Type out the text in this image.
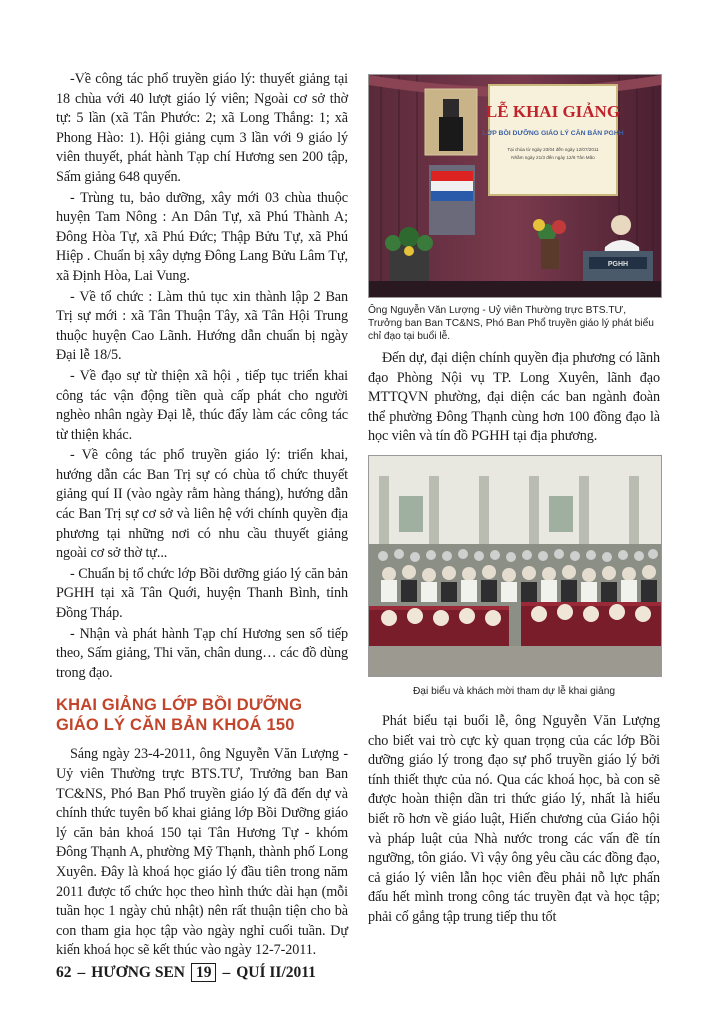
-Về công tác phổ truyền giáo lý: thuyết giảng tại 18 chùa với 40 lượt giáo lý viên; Ngoài cơ sở thờ tự: 5 lần (xã Tân Phước: 2; xã Long Thắng: 1; xã Phong Hào: 1). Hội giảng cụm 3 lần với 9 giáo lý viên thuyết, phát hành Tạp chí Hương sen 200 tập, Sấm giảng 648 quyển.

- Trùng tu, bảo dưỡng, xây mới 03 chùa thuộc huyện Tam Nông : An Dân Tự, xã Phú Thành A; Đông Hòa Tự, xã Phú Đức; Thập Bửu Tự, xã Phú Hiệp . Chuẩn bị xây dựng Đông Lang Bửu Lâm Tự, xã Định Hòa, Lai Vung.

- Về tổ chức : Làm thủ tục xin thành lập 2 Ban Trị sự mới : xã Tân Thuận Tây, xã Tân Hội Trung thuộc huyện Cao Lãnh. Hướng dẫn chuẩn bị ngày Đại lễ 18/5.

- Về đạo sự từ thiện xã hội , tiếp tục triển khai công tác vận động tiền quà cấp phát cho người nghèo nhân ngày Đại lễ, thúc đẩy làm các công tác từ thiện khác.

- Về công tác phổ truyền giáo lý: triển khai, hướng dẫn các Ban Trị sự có chùa tổ chức thuyết giảng quí II (vào ngày rằm hàng tháng), hướng dẫn các Ban Trị sự cơ sở và liên hệ với chính quyền địa phương tại những nơi có nhu cầu thuyết giảng ngoài cơ sở thờ tự...

- Chuẩn bị tổ chức lớp Bồi dưỡng giáo lý căn bản PGHH tại xã Tân Quới, huyện Thanh Bình, tỉnh Đồng Tháp.

- Nhận và phát hành Tạp chí Hương sen số tiếp theo, Sấm giảng, Thi văn, chân dung… các đồ dùng trong đạo.

KHAI GIẢNG LỚP BỒI DƯỠNG GIÁO LÝ CĂN BẢN KHOÁ 150

Sáng ngày 23-4-2011, ông Nguyễn Văn Lượng - Uỷ viên Thường trực BTS.TƯ, Trưởng ban Ban TC&NS, Phó Ban Phổ truyền giáo lý đã đến dự và chính thức tuyên bố khai giảng lớp Bồi Dưỡng giáo lý căn bản khoá 150 tại Tân Hương Tự - khóm Đông Thạnh A, phường Mỹ Thạnh, thành phố Long Xuyên. Đây là khoá học giáo lý đầu tiên trong năm 2011 được tổ chức học theo hình thức dài hạn (mỗi tuần học 1 ngày chủ nhật) nên rất thuận tiện cho bà con tham gia học tập vào ngày nghỉ cuối tuần. Dự kiến khoá học sẽ kết thúc vào ngày 12-7-2011.

LỄ KHAI GIẢNG
LỚP BỒI DƯỠNG GIÁO LÝ CĂN BẢN PGHH
Tại chùa từ ngày 23/04 đến ngày 12/07/2011
Nhằm ngày 21/3 đến ngày 12/6 Tân Mão
PGHH
Ông Nguyễn Văn Lượng - Uỷ viên Thường trực BTS.TƯ, Trưởng ban Ban TC&NS, Phó Ban Phổ truyền giáo lý phát biểu chỉ đạo tại buổi lễ.

Đến dự, đại diện chính quyền địa phương có lãnh đạo Phòng Nội vụ TP. Long Xuyên, lãnh đạo MTTQVN phường, đại diện các ban ngành đoàn thể phường Đông Thạnh cùng hơn 100 đồng đạo là học viên và tín đồ PGHH tại địa phương.

Đại biểu và khách mời tham dự lễ khai giảng

Phát biểu tại buổi lễ, ông Nguyễn Văn Lượng cho biết vai trò cực kỳ quan trọng của các lớp Bồi dưỡng giáo lý trong đạo sự phổ truyền giáo lý bởi tính thiết thực của nó. Qua các khoá học, bà con sẽ được hoàn thiện dần tri thức giáo lý, nhất là hiểu biết rõ hơn về giáo luật, Hiến chương của Giáo hội và pháp luật của Nhà nước trong các vấn đề tín ngưỡng, tôn giáo. Vì vậy ông yêu cầu các đồng đạo, cả giáo lý viên lẫn học viên đều phải nỗ lực phấn đấu hết mình trong công tác truyền đạt và học tập; phải cố gắng tập trung tiếp thu tốt

62 – HƯƠNG SEN 19 – QUÍ II/2011
